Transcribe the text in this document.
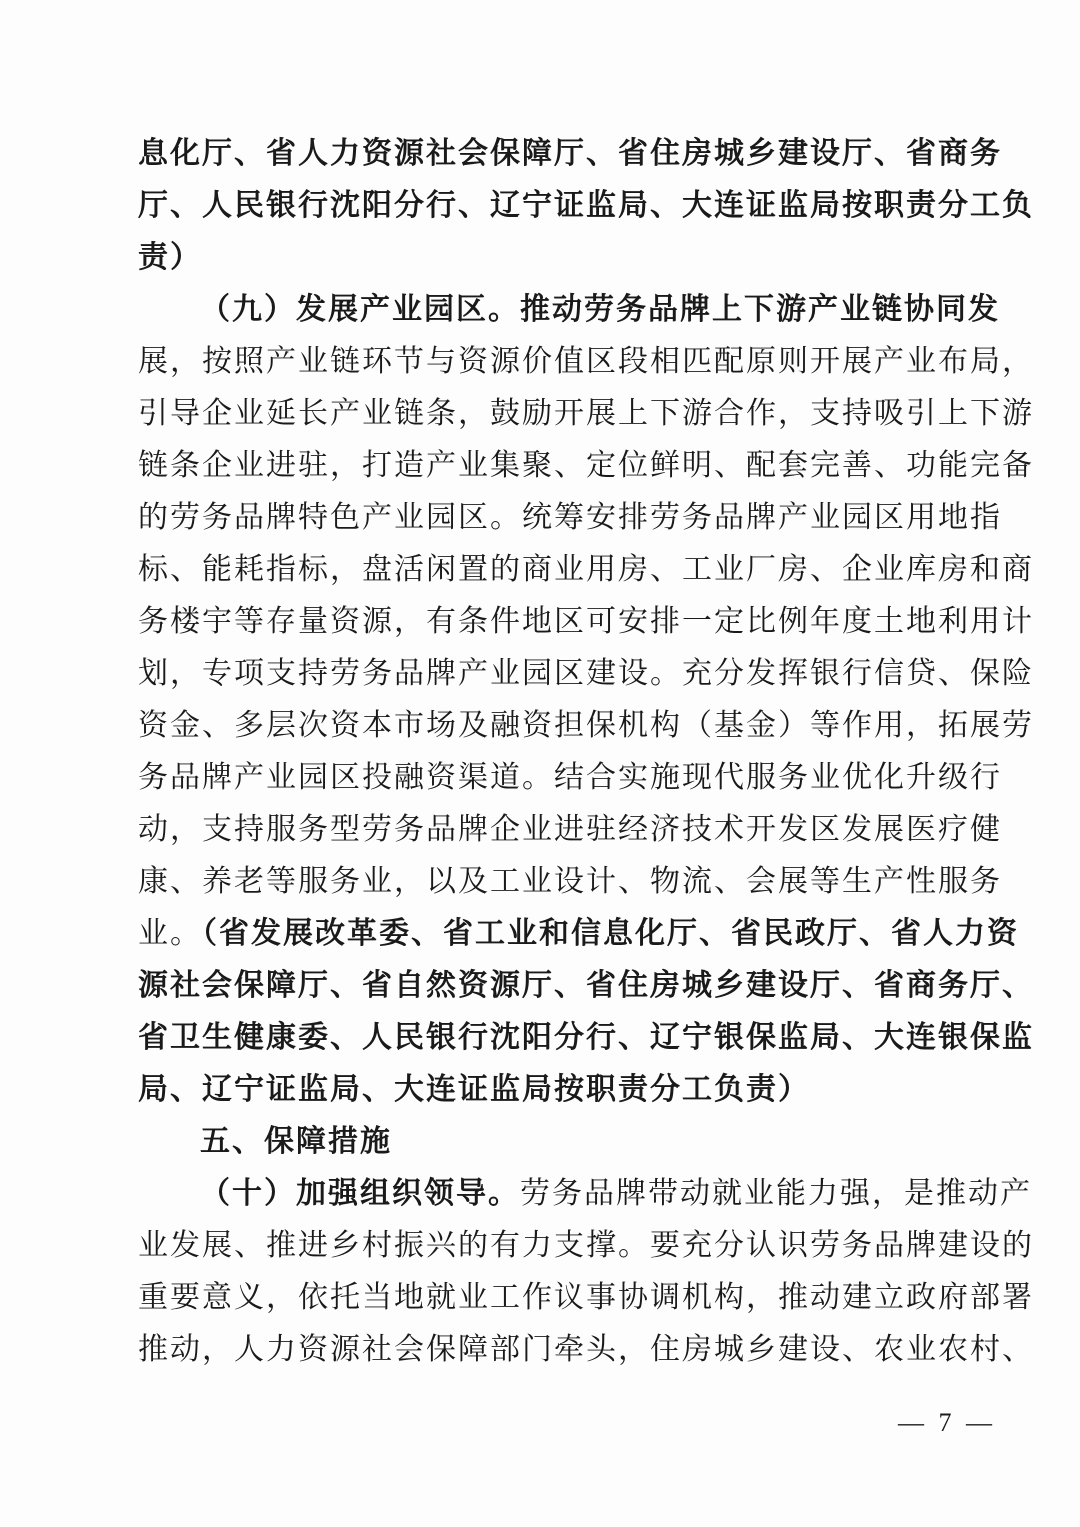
息化厅、省人力资源社会保障厅、省住房城乡建设厅、省商务
厅、人民银行沈阳分行、辽宁证监局、大连证监局按职责分工负
责）
（九）发展产业园区。推动劳务品牌上下游产业链协同发
展，按照产业链环节与资源价值区段相匹配原则开展产业布局，
引导企业延长产业链条，鼓励开展上下游合作，支持吸引上下游
链条企业进驻，打造产业集聚、定位鲜明、配套完善、功能完备
的劳务品牌特色产业园区。统筹安排劳务品牌产业园区用地指
标、能耗指标，盘活闲置的商业用房、工业厂房、企业库房和商
务楼宇等存量资源，有条件地区可安排一定比例年度土地利用计
划，专项支持劳务品牌产业园区建设。充分发挥银行信贷、保险
资金、多层次资本市场及融资担保机构（基金）等作用，拓展劳
务品牌产业园区投融资渠道。结合实施现代服务业优化升级行
动，支持服务型劳务品牌企业进驻经济技术开发区发展医疗健
康、养老等服务业，以及工业设计、物流、会展等生产性服务
业。（省发展改革委、省工业和信息化厅、省民政厅、省人力资
源社会保障厅、省自然资源厅、省住房城乡建设厅、省商务厅、
省卫生健康委、人民银行沈阳分行、辽宁银保监局、大连银保监
局、辽宁证监局、大连证监局按职责分工负责）
五、保障措施
（十）加强组织领导。劳务品牌带动就业能力强，是推动产
业发展、推进乡村振兴的有力支撑。要充分认识劳务品牌建设的
重要意义，依托当地就业工作议事协调机构，推动建立政府部署
推动，人力资源社会保障部门牵头，住房城乡建设、农业农村、
— 7 —
